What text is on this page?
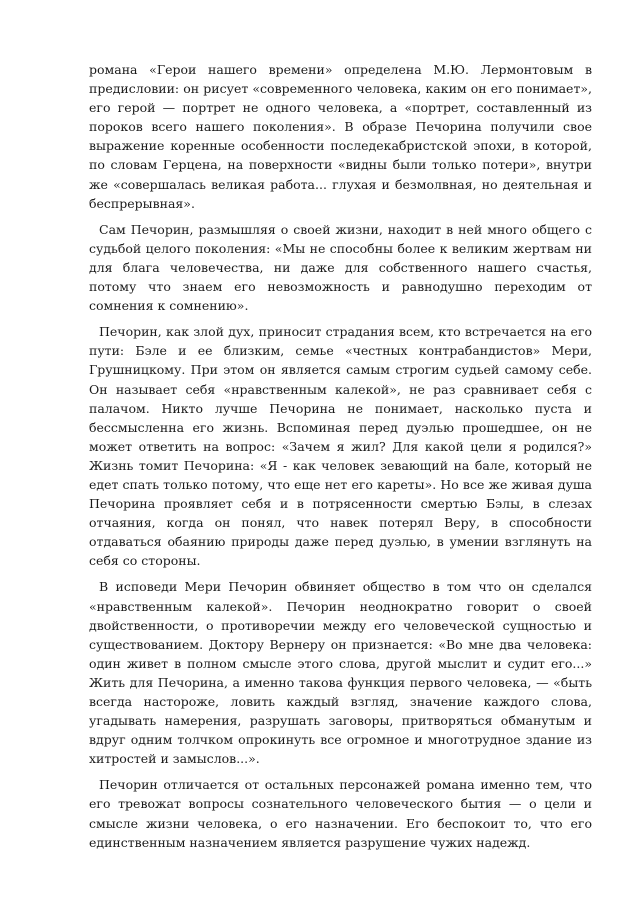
романа «Герои нашего времени» определена М.Ю. Лермонтовым в предисловии: он рисует «современного человека, каким он его понимает», его герой — портрет не одного человека, а «портрет, составленный из пороков всего нашего поколения». В образе Печорина получили свое выражение коренные особенности последекабристской эпохи, в которой, по словам Герцена, на поверхности «видны были только потери», внутри же «совершалась великая работа... глухая и безмолвная, но деятельная и беспрерывная».

Сам Печорин, размышляя о своей жизни, находит в ней много общего с судьбой целого поколения: «Мы не способны более к великим жертвам ни для блага человечества, ни даже для собственного нашего счастья, потому что знаем его невозможность и равнодушно переходим от сомнения к сомнению».

Печорин, как злой дух, приносит страдания всем, кто встречается на его пути: Бэле и ее близким, семье «честных контрабандистов» Мери, Грушницкому. При этом он является самым строгим судьей самому себе. Он называет себя «нравственным калекой», не раз сравнивает себя с палачом. Никто лучше Печорина не понимает, насколько пуста и бессмысленна его жизнь. Вспоминая перед дуэлью прошедшее, он не может ответить на вопрос: «Зачем я жил? Для какой цели я родился?» Жизнь томит Печорина: «Я - как человек зевающий на бале, который не едет спать только потому, что еще нет его кареты». Но все же живая душа Печорина проявляет себя и в потрясенности смертью Бэлы, в слезах отчаяния, когда он понял, что навек потерял Веру, в способности отдаваться обаянию природы даже перед дуэлью, в умении взглянуть на себя со стороны.

В исповеди Мери Печорин обвиняет общество в том что он сделался «нравственным калекой». Печорин неоднократно говорит о своей двойственности, о противоречии между его человеческой сущностью и существованием. Доктору Вернеру он признается: «Во мне два человека: один живет в полном смысле этого слова, другой мыслит и судит его...» Жить для Печорина, а именно такова функция первого человека, — «быть всегда настороже, ловить каждый взгляд, значение каждого слова, угадывать намерения, разрушать заговоры, притворяться обманутым и вдруг одним толчком опрокинуть все огромное и многотрудное здание из хитростей и замыслов...».

Печорин отличается от остальных персонажей романа именно тем, что его тревожат вопросы сознательного человеческого бытия — о цели и смысле жизни человека, о его назначении. Его беспокоит то, что его единственным назначением является разрушение чужих надежд.
